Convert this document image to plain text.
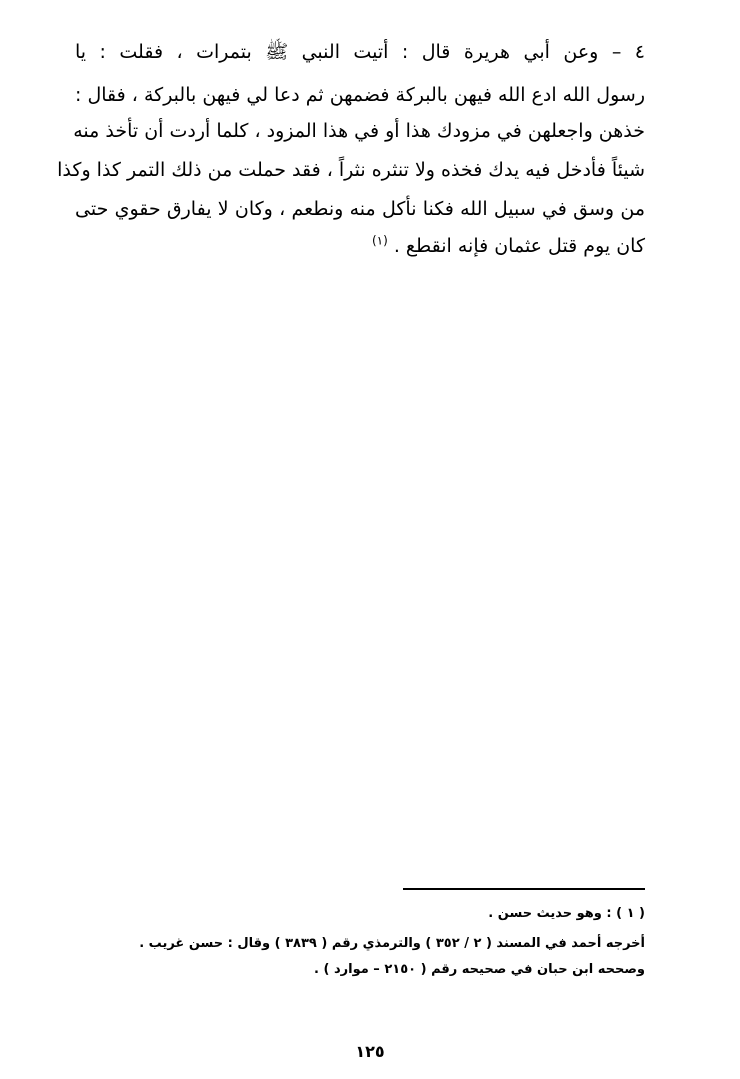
٤ – وعن أبي هريرة قال : أتيت النبي ﷺ بتمرات ، فقلت : يا
رسول الله ادع الله فيهن بالبركة فضمهن ثم دعا لي فيهن بالبركة ، فقال :
خذهن واجعلهن في مزودك هذا أو في هذا المزود ، كلما أردت أن تأخذ منه
شيئاً فأدخل فيه يدك فخذه ولا تنثره نثراً ، فقد حملت من ذلك التمر كذا وكذا
من وسق في سبيل الله فكنا نأكل منه ونطعم ، وكان لا يفارق حقوي حتى
كان يوم قتل عثمان فإنه انقطع . $^{(١)}$
( ١ ) : وهو حديث حسن .
أخرجه أحمد في المسند ( ٢ / ٣٥٢ ) والترمذي رقم ( ٣٨٣٩ ) وقال : حسن غريب .
وصححه ابن حبان في صحيحه رقم ( ٢١٥٠ – موارد ) .
١٢٥
